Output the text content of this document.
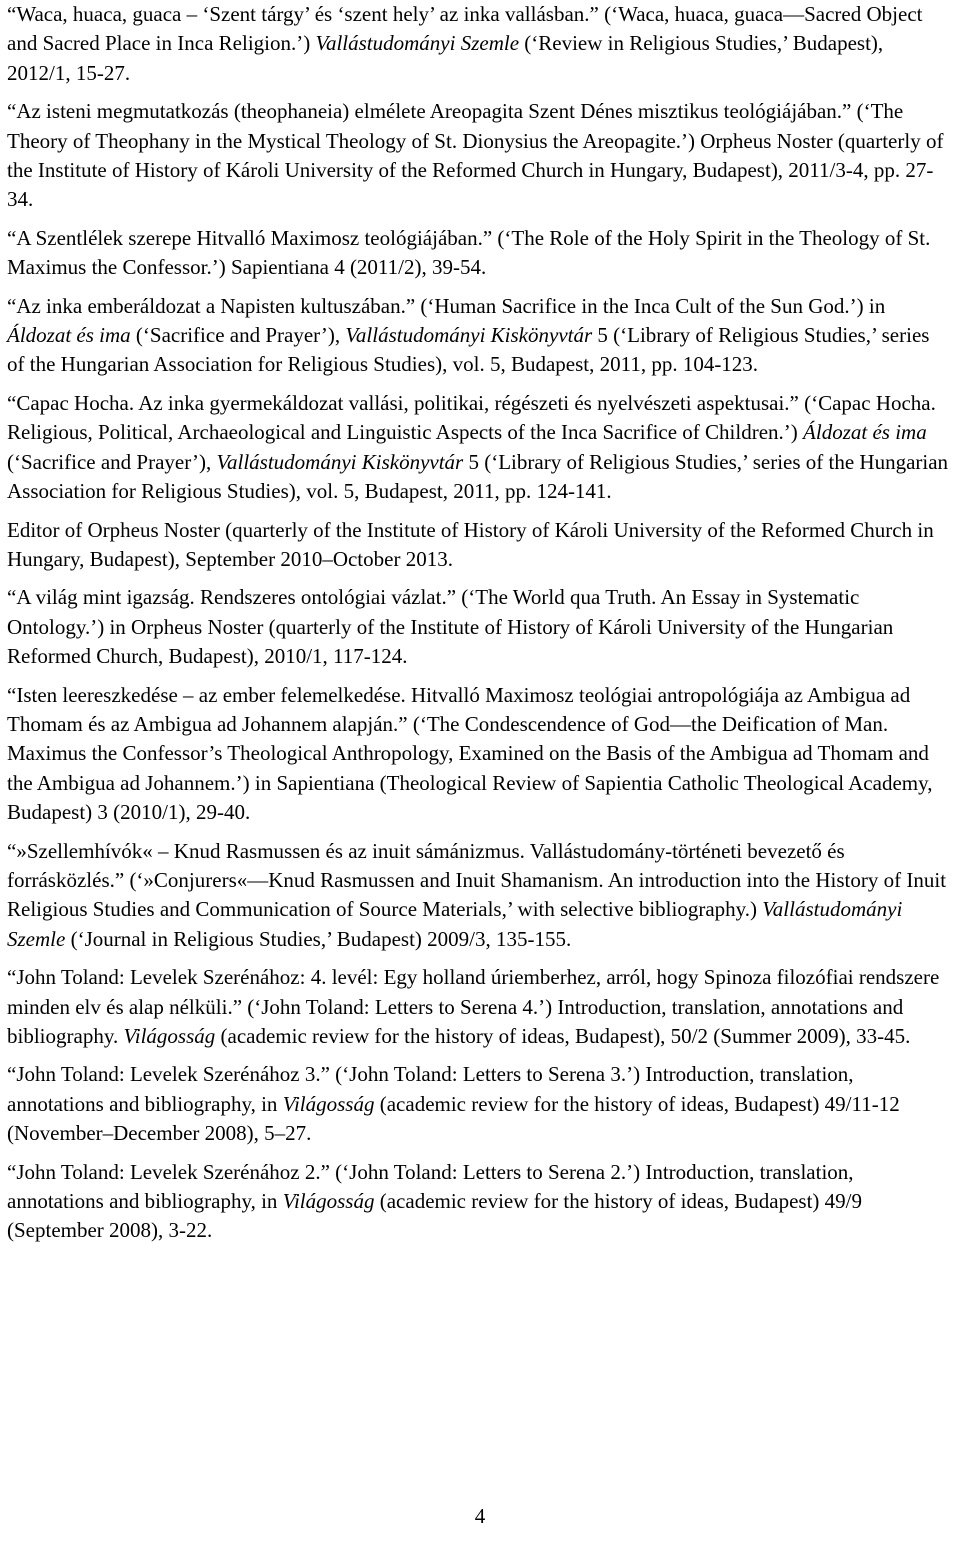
“Waca, huaca, guaca – ‘Szent tárgy’ és ‘szent hely’ az inka vallásban.” (‘Waca, huaca, guaca—Sacred Object and Sacred Place in Inca Religion.’) Vallástudományi Szemle (‘Review in Religious Studies,’ Budapest), 2012/1, 15-27.

“Az isteni megmutatkozás (theophaneia) elmélete Areopagita Szent Dénes misztikus teológiájában.” (‘The Theory of Theophany in the Mystical Theology of St. Dionysius the Areopagite.’) Orpheus Noster (quarterly of the Institute of History of Károli University of the Reformed Church in Hungary, Budapest), 2011/3-4, pp. 27-34.

“A Szentlélek szerepe Hitvalló Maximosz teológiájában.” (‘The Role of the Holy Spirit in the Theology of St. Maximus the Confessor.’) Sapientiana 4 (2011/2), 39-54.

“Az inka emberáldozat a Napisten kultuszában.” (‘Human Sacrifice in the Inca Cult of the Sun God.’) in Áldozat és ima (‘Sacrifice and Prayer’), Vallástudományi Kiskönyvtár 5 (‘Library of Religious Studies,’ series of the Hungarian Association for Religious Studies), vol. 5, Budapest, 2011, pp. 104-123.

“Capac Hocha. Az inka gyermekáldozat vallási, politikai, régészeti és nyelvészeti aspektusai.” (‘Capac Hocha. Religious, Political, Archaeological and Linguistic Aspects of the Inca Sacrifice of Children.’) Áldozat és ima (‘Sacrifice and Prayer’), Vallástudományi Kiskönyvtár 5 (‘Library of Religious Studies,’ series of the Hungarian Association for Religious Studies), vol. 5, Budapest, 2011, pp. 124-141.

Editor of Orpheus Noster (quarterly of the Institute of History of Károli University of the Reformed Church in Hungary, Budapest), September 2010–October 2013.

“A világ mint igazság. Rendszeres ontológiai vázlat.” (‘The World qua Truth. An Essay in Systematic Ontology.’) in Orpheus Noster (quarterly of the Institute of History of Károli University of the Hungarian Reformed Church, Budapest), 2010/1, 117-124.

“Isten leereszkedése – az ember felemelkedése. Hitvalló Maximosz teológiai antropológiája az Ambigua ad Thomam és az Ambigua ad Johannem alapján.” (‘The Condescendence of God—the Deification of Man. Maximus the Confessor’s Theological Anthropology, Examined on the Basis of the Ambigua ad Thomam and the Ambigua ad Johannem.’) in Sapientiana (Theological Review of Sapientia Catholic Theological Academy, Budapest) 3 (2010/1), 29-40.

“»Szellemhívók« – Knud Rasmussen és az inuit sámánizmus. Vallástudomány-történeti bevezető és forrásközlés.” (‘»Conjurers«—Knud Rasmussen and Inuit Shamanism. An introduction into the History of Inuit Religious Studies and Communication of Source Materials,’ with selective bibliography.) Vallástudományi Szemle (‘Journal in Religious Studies,’ Budapest) 2009/3, 135-155.

“John Toland: Levelek Szerénához: 4. levél: Egy holland úriemberhez, arról, hogy Spinoza filozófiai rendszere minden elv és alap nélküli.” (‘John Toland: Letters to Serena 4.’) Introduction, translation, annotations and bibliography. Világosság (academic review for the history of ideas, Budapest), 50/2 (Summer 2009), 33-45.

“John Toland: Levelek Szerénához 3.” (‘John Toland: Letters to Serena 3.’) Introduction, translation, annotations and bibliography, in Világosság (academic review for the history of ideas, Budapest) 49/11-12 (November–December 2008), 5–27.

“John Toland: Levelek Szerénához 2.” (‘John Toland: Letters to Serena 2.’) Introduction, translation, annotations and bibliography, in Világosság (academic review for the history of ideas, Budapest) 49/9 (September 2008), 3-22.

4
